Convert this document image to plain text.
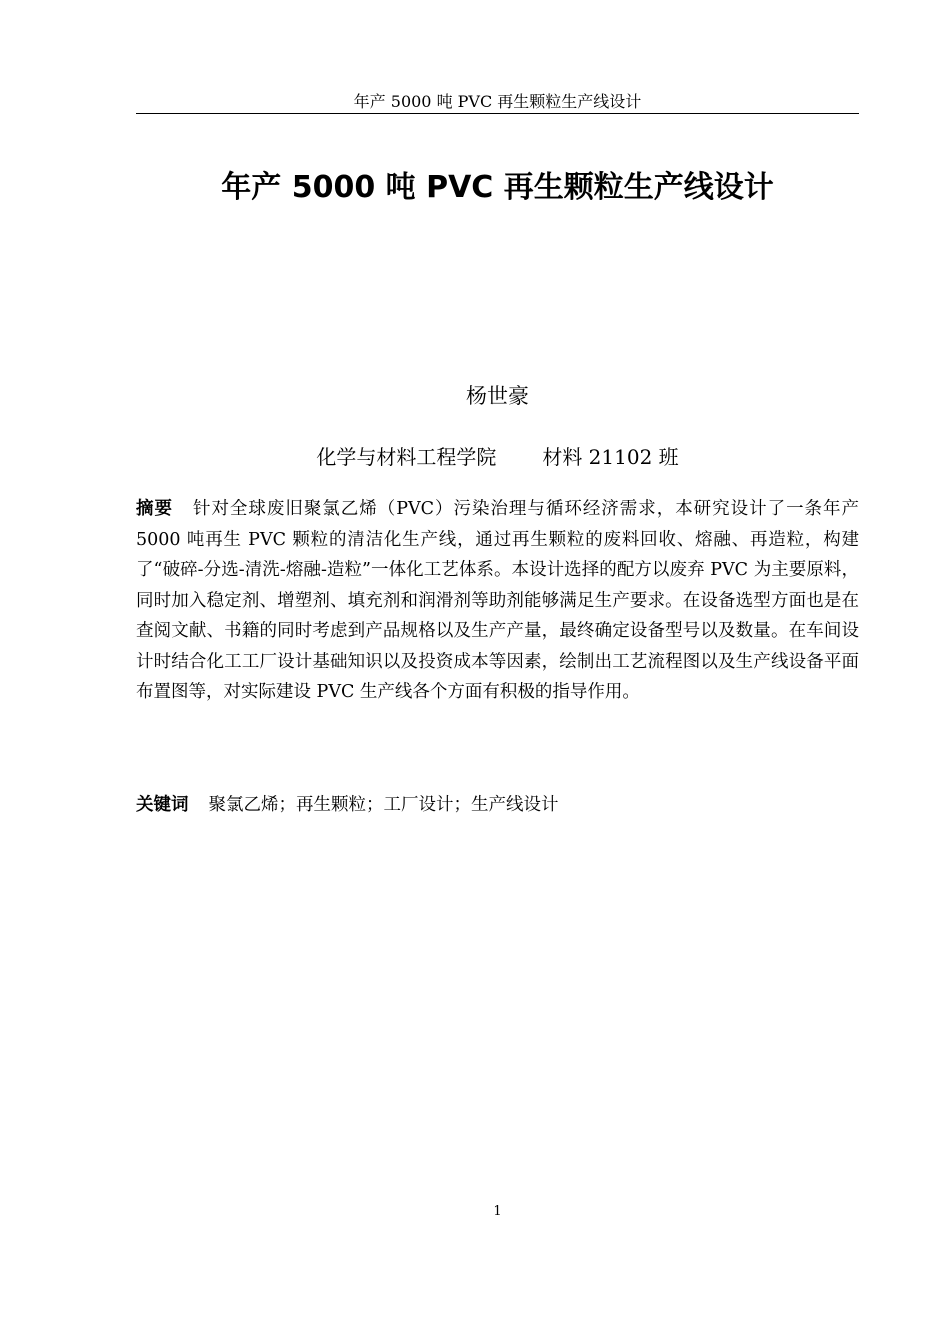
年产 5000 吨 PVC 再生颗粒生产线设计
年产 5000 吨 PVC 再生颗粒生产线设计
杨世豪
化学与材料工程学院 材料 21102 班

摘要 针对全球废旧聚氯乙烯（PVC）污染治理与循环经济需求，本研究设计了一条年产 5000 吨再生 PVC 颗粒的清洁化生产线，通过再生颗粒的废料回收、熔融、再造粒，构建了“破碎-分选-清洗-熔融-造粒”一体化工艺体系。本设计选择的配方以废弃 PVC 为主要原料，同时加入稳定剂、增塑剂、填充剂和润滑剂等助剂能够满足生产要求。在设备选型方面也是在查阅文献、书籍的同时考虑到产品规格以及生产产量，最终确定设备型号以及数量。在车间设计时结合化工工厂设计基础知识以及投资成本等因素，绘制出工艺流程图以及生产线设备平面布置图等，对实际建设 PVC 生产线各个方面有积极的指导作用。

关键词 聚氯乙烯；再生颗粒；工厂设计；生产线设计

1
